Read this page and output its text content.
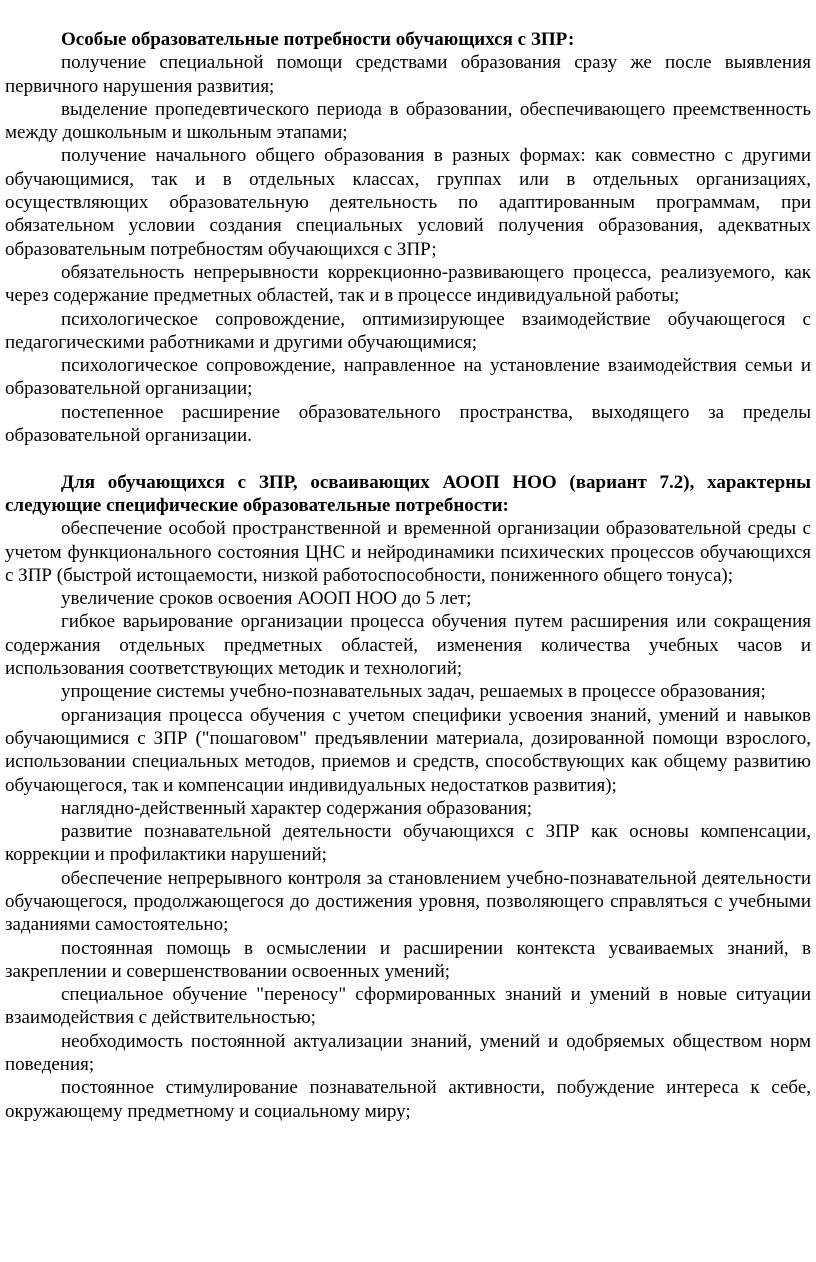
Особые образовательные потребности обучающихся с ЗПР:

получение специальной помощи средствами образования сразу же после выявления первичного нарушения развития;

выделение пропедевтического периода в образовании, обеспечивающего преемственность между дошкольным и школьным этапами;

получение начального общего образования в разных формах: как совместно с другими обучающимися, так и в отдельных классах, группах или в отдельных организациях, осуществляющих образовательную деятельность по адаптированным программам, при обязательном условии создания специальных условий получения образования, адекватных образовательным потребностям обучающихся с ЗПР;

обязательность непрерывности коррекционно-развивающего процесса, реализуемого, как через содержание предметных областей, так и в процессе индивидуальной работы;

психологическое сопровождение, оптимизирующее взаимодействие обучающегося с педагогическими работниками и другими обучающимися;

психологическое сопровождение, направленное на установление взаимодействия семьи и образовательной организации;

постепенное расширение образовательного пространства, выходящего за пределы образовательной организации.

Для обучающихся с ЗПР, осваивающих АООП НОО (вариант 7.2), характерны следующие специфические образовательные потребности:

обеспечение особой пространственной и временной организации образовательной среды с учетом функционального состояния ЦНС и нейродинамики психических процессов обучающихся с ЗПР (быстрой истощаемости, низкой работоспособности, пониженного общего тонуса);

увеличение сроков освоения АООП НОО до 5 лет;

гибкое варьирование организации процесса обучения путем расширения или сокращения содержания отдельных предметных областей, изменения количества учебных часов и использования соответствующих методик и технологий;

упрощение системы учебно-познавательных задач, решаемых в процессе образования;

организация процесса обучения с учетом специфики усвоения знаний, умений и навыков обучающимися с ЗПР ("пошаговом" предъявлении материала, дозированной помощи взрослого, использовании специальных методов, приемов и средств, способствующих как общему развитию обучающегося, так и компенсации индивидуальных недостатков развития);

наглядно-действенный характер содержания образования;

развитие познавательной деятельности обучающихся с ЗПР как основы компенсации, коррекции и профилактики нарушений;

обеспечение непрерывного контроля за становлением учебно-познавательной деятельности обучающегося, продолжающегося до достижения уровня, позволяющего справляться с учебными заданиями самостоятельно;

постоянная помощь в осмыслении и расширении контекста усваиваемых знаний, в закреплении и совершенствовании освоенных умений;

специальное обучение "переносу" сформированных знаний и умений в новые ситуации взаимодействия с действительностью;

необходимость постоянной актуализации знаний, умений и одобряемых обществом норм поведения;

постоянное стимулирование познавательной активности, побуждение интереса к себе, окружающему предметному и социальному миру;
